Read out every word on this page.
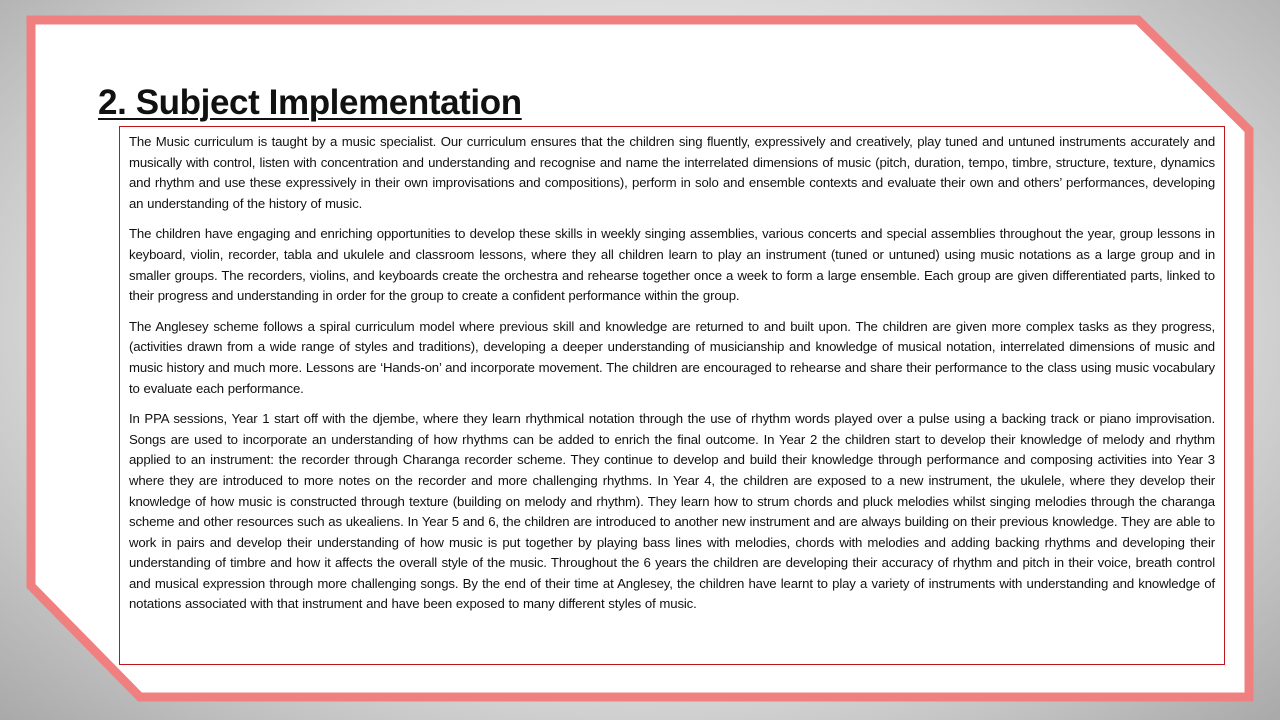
2. Subject Implementation

The Music curriculum is taught by a music specialist. Our curriculum ensures that the children sing fluently, expressively and creatively, play tuned and untuned instruments accurately and musically with control, listen with concentration and understanding and recognise and name the interrelated dimensions of music (pitch, duration, tempo, timbre, structure, texture, dynamics and rhythm and use these expressively in their own improvisations and compositions), perform in solo and ensemble contexts and evaluate their own and others’ performances, developing an understanding of the history of music.

The children have engaging and enriching opportunities to develop these skills in weekly singing assemblies, various concerts and special assemblies throughout the year, group lessons in keyboard, violin, recorder, tabla and ukulele and classroom lessons, where they all children learn to play an instrument (tuned or untuned) using music notations as a large group and in smaller groups. The recorders, violins, and keyboards create the orchestra and rehearse together once a week to form a large ensemble. Each group are given differentiated parts, linked to their progress and understanding in order for the group to create a confident performance within the group.

The Anglesey scheme follows a spiral curriculum model where previous skill and knowledge are returned to and built upon. The children are given more complex tasks as they progress, (activities drawn from a wide range of styles and traditions), developing a deeper understanding of musicianship and knowledge of musical notation, interrelated dimensions of music and music history and much more. Lessons are ‘Hands-on’ and incorporate movement. The children are encouraged to rehearse and share their performance to the class using music vocabulary to evaluate each performance.

In PPA sessions, Year 1 start off with the djembe, where they learn rhythmical notation through the use of rhythm words played over a pulse using a backing track or piano improvisation. Songs are used to incorporate an understanding of how rhythms can be added to enrich the final outcome. In Year 2 the children start to develop their knowledge of melody and rhythm applied to an instrument: the recorder through Charanga recorder scheme. They continue to develop and build their knowledge through performance and composing activities into Year 3 where they are introduced to more notes on the recorder and more challenging rhythms. In Year 4, the children are exposed to a new instrument, the ukulele, where they develop their knowledge of how music is constructed through texture (building on melody and rhythm). They learn how to strum chords and pluck melodies whilst singing melodies through the charanga scheme and other resources such as ukealiens. In Year 5 and 6, the children are introduced to another new instrument and are always building on their previous knowledge. They are able to work in pairs and develop their understanding of how music is put together by playing bass lines with melodies, chords with melodies and adding backing rhythms and developing their understanding of timbre and how it affects the overall style of the music. Throughout the 6 years the children are developing their accuracy of rhythm and pitch in their voice, breath control and musical expression through more challenging songs. By the end of their time at Anglesey, the children have learnt to play a variety of instruments with understanding and knowledge of notations associated with that instrument and have been exposed to many different styles of music.
